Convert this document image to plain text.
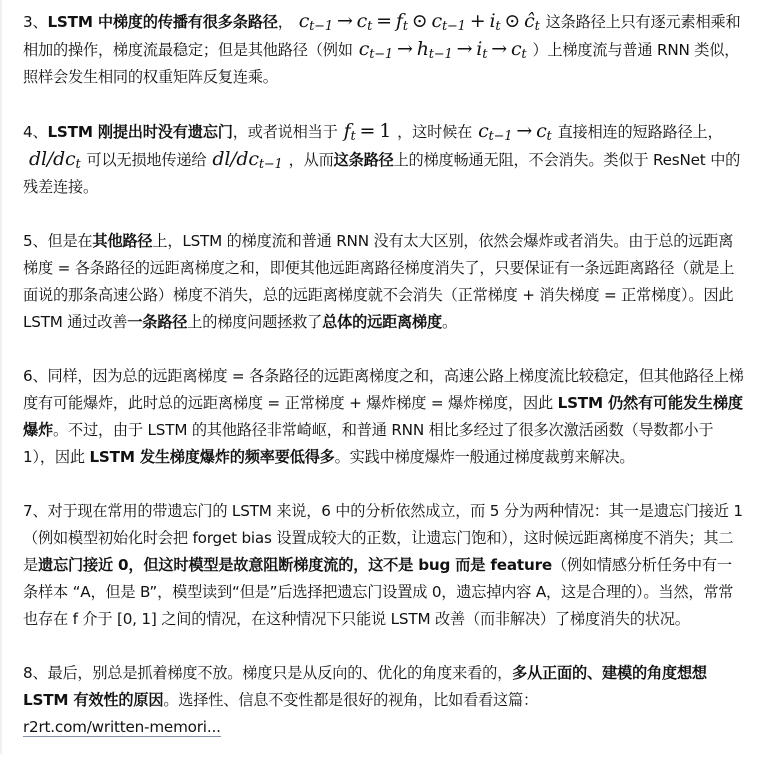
3、LSTM 中梯度的传播有很多条路径， $c_{t-1} \to c_t = f_t$ ⊙ $c_{t-1} + i_t$ ⊙ $ĉ_t$ 这条路径上只有逐元素相乘和相加的操作，梯度流最稳定；但是其他路径（例如 $c_{t-1} \to h_{t-1} \to i_t \to c_t$ ）上梯度流与普通 RNN 类似，照样会发生相同的权重矩阵反复连乘。

4、LSTM 刚提出时没有遗忘门，或者说相当于 $f_t = 1$ ，这时候在 $c_{t-1} \to c_t$ 直接相连的短路路径上，$dl/dc_t$ 可以无损地传递给 $dl/dc_{t-1}$ ，从而这条路径上的梯度畅通无阻，不会消失。类似于 ResNet 中的残差连接。

5、但是在其他路径上，LSTM 的梯度流和普通 RNN 没有太大区别，依然会爆炸或者消失。由于总的远距离梯度 = 各条路径的远距离梯度之和，即便其他远距离路径梯度消失了，只要保证有一条远距离路径（就是上面说的那条高速公路）梯度不消失，总的远距离梯度就不会消失（正常梯度 + 消失梯度 = 正常梯度）。因此 LSTM 通过改善一条路径上的梯度问题拯救了总体的远距离梯度。

6、同样，因为总的远距离梯度 = 各条路径的远距离梯度之和，高速公路上梯度流比较稳定，但其他路径上梯度有可能爆炸，此时总的远距离梯度 = 正常梯度 + 爆炸梯度 = 爆炸梯度，因此 LSTM 仍然有可能发生梯度爆炸。不过，由于 LSTM 的其他路径非常崎岖，和普通 RNN 相比多经过了很多次激活函数（导数都小于 1），因此 LSTM 发生梯度爆炸的频率要低得多。实践中梯度爆炸一般通过梯度裁剪来解决。

7、对于现在常用的带遗忘门的 LSTM 来说，6 中的分析依然成立，而 5 分为两种情况：其一是遗忘门接近 1（例如模型初始化时会把 forget bias 设置成较大的正数，让遗忘门饱和），这时候远距离梯度不消失；其二是遗忘门接近 0，但这时模型是故意阻断梯度流的，这不是 bug 而是 feature（例如情感分析任务中有一条样本 “A，但是 B”，模型读到“但是”后选择把遗忘门设置成 0，遗忘掉内容 A，这是合理的）。当然，常常也存在 f 介于 [0, 1] 之间的情况，在这种情况下只能说 LSTM 改善（而非解决）了梯度消失的状况。

8、最后，别总是抓着梯度不放。梯度只是从反向的、优化的角度来看的，多从正面的、建模的角度想想 LSTM 有效性的原因。选择性、信息不变性都是很好的视角，比如看看这篇：
r2rt.com/written-memori...
